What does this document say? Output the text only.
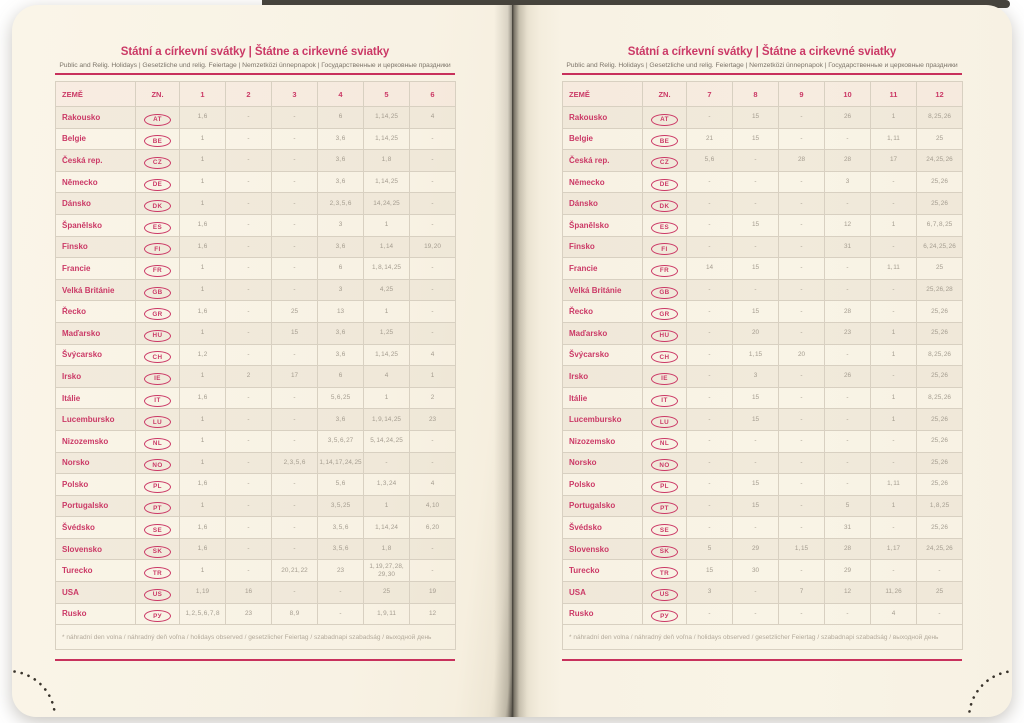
Státní a církevní svátky | Štátne a cirkevné sviatky
Public and Relig. Holidays | Gesetzliche und relig. Feiertage | Nemzetközi ünnepnapok | Государственные и церковные праздники
ZEMĚ	ZN.	1	2	3	4	5	6
Rakousko	AT	1, 6	-	-	6	1, 14, 25	4
Belgie	BE	1	-	-	3, 6	1, 14, 25	-
Česká rep.	CZ	1	-	-	3, 6	1, 8	-
Německo	DE	1	-	-	3, 6	1, 14, 25	-
Dánsko	DK	1	-	-	2, 3, 5, 6	14, 24, 25	-
Španělsko	ES	1, 6	-	-	3	1	-
Finsko	FI	1, 6	-	-	3, 6	1, 14	19, 20
Francie	FR	1	-	-	6	1, 8, 14, 25	-
Velká Británie	GB	1	-	-	3	4, 25	-
Řecko	GR	1, 6	-	25	13	1	-
Maďarsko	HU	1	-	15	3, 6	1, 25	-
Švýcarsko	CH	1, 2	-	-	3, 6	1, 14, 25	4
Irsko	IE	1	2	17	6	4	1
Itálie	IT	1, 6	-	-	5, 6, 25	1	2
Lucembursko	LU	1	-	-	3, 6	1, 9, 14, 25	23
Nizozemsko	NL	1	-	-	3, 5, 6, 27	5, 14, 24, 25	-
Norsko	NO	1	-	2, 3, 5, 6	1, 14, 17, 24, 25	-	-
Polsko	PL	1, 6	-	-	5, 6	1, 3, 24	4
Portugalsko	PT	1	-	-	3, 5, 25	1	4, 10
Švédsko	SE	1, 6	-	-	3, 5, 6	1, 14, 24	6, 20
Slovensko	SK	1, 6	-	-	3, 5, 6	1, 8	-
Turecko	TR	1	-	20, 21, 22	23	1, 19, 27, 28, 29, 30	-
USA	US	1, 19	16	-	-	25	19
Rusko	РУ	1, 2, 5, 6, 7, 8	23	8, 9	-	1, 9, 11	12
* náhradní den volna / náhradný deň voľna / holidays observed / gesetzlicher Feiertag / szabadnapi szabadság / выходной день							
Státní a církevní svátky | Štátne a cirkevné sviatky
Public and Relig. Holidays | Gesetzliche und relig. Feiertage | Nemzetközi ünnepnapok | Государственные и церковные праздники
ZEMĚ	ZN.	7	8	9	10	11	12
Rakousko	AT	-	15	-	26	1	8, 25, 26
Belgie	BE	21	15	-	-	1, 11	25
Česká rep.	CZ	5, 6	-	28	28	17	24, 25, 26
Německo	DE	-	-	-	3	-	25, 26
Dánsko	DK	-	-	-	-	-	25, 26
Španělsko	ES	-	15	-	12	1	6, 7, 8, 25
Finsko	FI	-	-	-	31	-	6, 24, 25, 26
Francie	FR	14	15	-	-	1, 11	25
Velká Británie	GB	-	-	-	-	-	25, 26, 28
Řecko	GR	-	15	-	28	-	25, 26
Maďarsko	HU	-	20	-	23	1	25, 26
Švýcarsko	CH	-	1, 15	20	-	1	8, 25, 26
Irsko	IE	-	3	-	26	-	25, 26
Itálie	IT	-	15	-	-	1	8, 25, 26
Lucembursko	LU	-	15	-	-	1	25, 26
Nizozemsko	NL	-	-	-	-	-	25, 26
Norsko	NO	-	-	-	-	-	25, 26
Polsko	PL	-	15	-	-	1, 11	25, 26
Portugalsko	PT	-	15	-	5	1	1, 8, 25
Švédsko	SE	-	-	-	31	-	25, 26
Slovensko	SK	5	29	1, 15	28	1, 17	24, 25, 26
Turecko	TR	15	30	-	29	-	-
USA	US	3	-	7	12	11, 26	25
Rusko	РУ	-	-	-	-	4	-
* náhradní den volna / náhradný deň voľna / holidays observed / gesetzlicher Feiertag / szabadnapi szabadság / выходной день							
